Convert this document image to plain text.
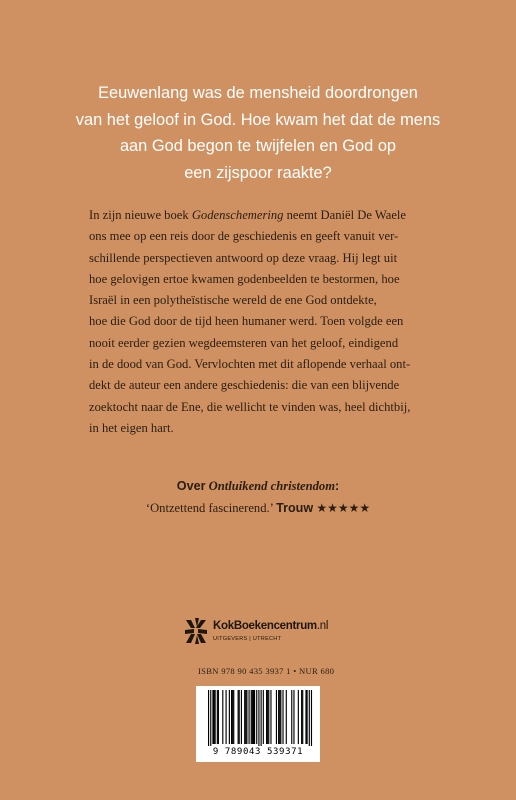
Eeuwenlang was de mensheid doordrongen
van het geloof in God. Hoe kwam het dat de mens
aan God begon te twijfelen en God op
een zijspoor raakte?
In zijn nieuwe boek Godenschemering neemt Daniël De Waele
ons mee op een reis door de geschiedenis en geeft vanuit ver-
schillende perspectieven antwoord op deze vraag. Hij legt uit
hoe gelovigen ertoe kwamen godenbeelden te bestormen, hoe
Israël in een polytheïstische wereld de ene God ontdekte,
hoe die God door de tijd heen humaner werd. Toen volgde een
nooit eerder gezien wegdeemsteren van het geloof, eindigend
in de dood van God. Vervlochten met dit aflopende verhaal ont-
dekt de auteur een andere geschiedenis: die van een blijvende
zoektocht naar de Ene, die wellicht te vinden was, heel dichtbij,
in het eigen hart.
Over Ontluikend christendom:
‘Ontzettend fascinerend.’ Trouw ★★★★★
KokBoekencentrum.nl
UITGEVERS | UTRECHT
ISBN 978 90 435 3937 1 • NUR 680
9 789043 539371
